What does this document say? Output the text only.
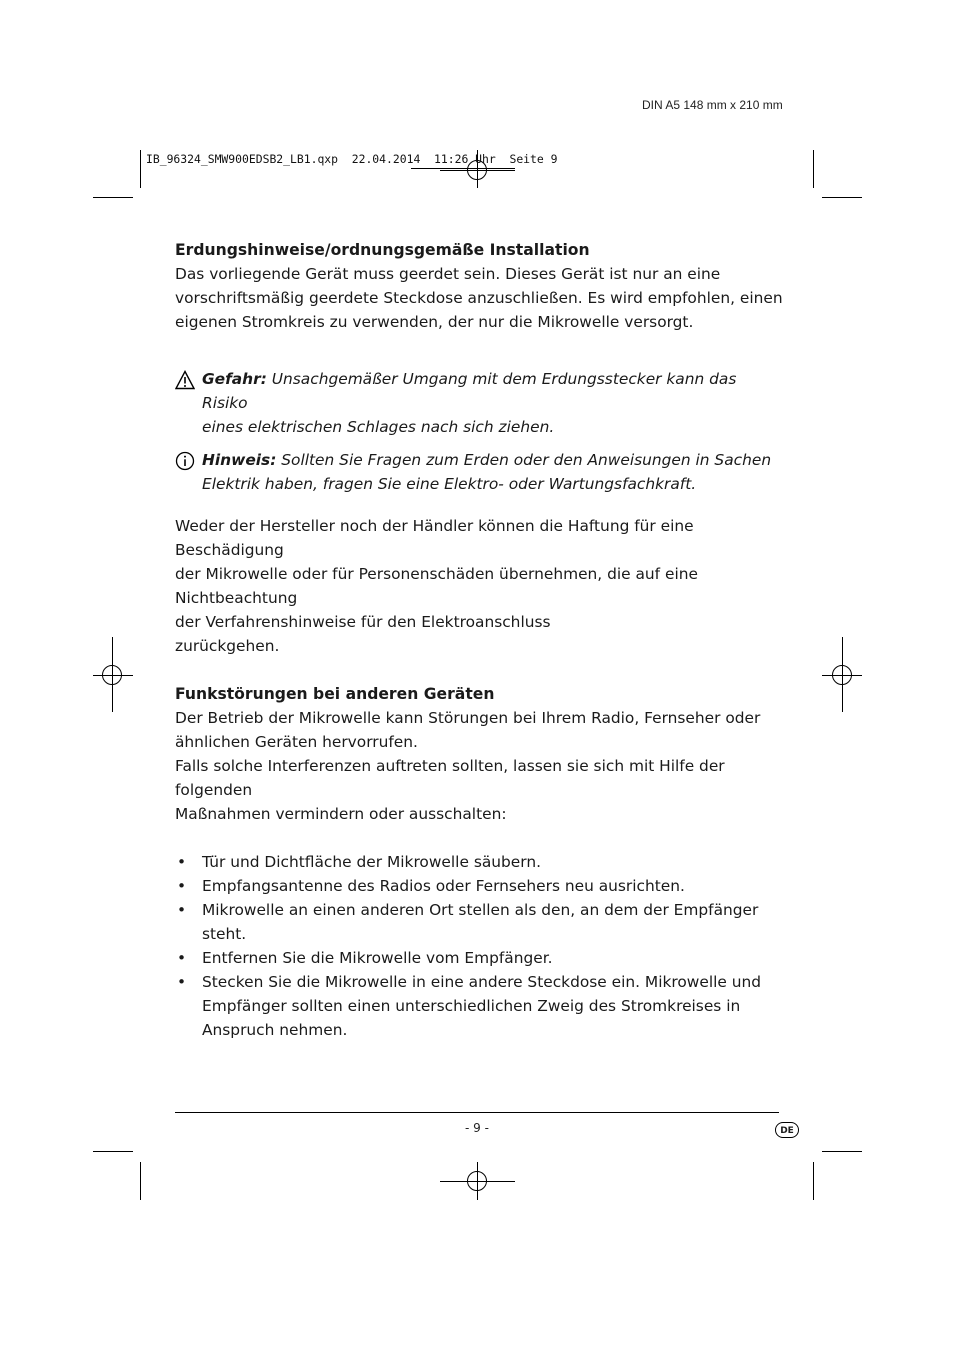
DIN A5 148 mm x 210 mm
IB_96324_SMW900EDSB2_LB1.qxp  22.04.2014  11:26 Uhr  Seite 9

Erdungshinweise/ordnungsgemäße Installation

Das vorliegende Gerät muss geerdet sein. Dieses Gerät ist nur an eine

vorschriftsmäßig geerdete Steckdose anzuschließen. Es wird empfohlen, einen

eigenen Stromkreis zu verwenden, der nur die Mikrowelle versorgt.

Gefahr: Unsachgemäßer Umgang mit dem Erdungsstecker kann das Risiko
eines elektrischen Schlages nach sich ziehen.
Hinweis: Sollten Sie Fragen zum Erden oder den Anweisungen in Sachen
Elektrik haben, fragen Sie eine Elektro- oder Wartungsfachkraft.

Weder der Hersteller noch der Händler können die Haftung für eine Beschädigung

der Mikrowelle oder für Personenschäden übernehmen, die auf eine Nichtbeachtung

der Verfahrenshinweise für den Elektroanschluss

zurückgehen.

Funkstörungen bei anderen Geräten

Der Betrieb der Mikrowelle kann Störungen bei Ihrem Radio, Fernseher oder

ähnlichen Geräten hervorrufen.

Falls solche Interferenzen auftreten sollten, lassen sie sich mit Hilfe der folgenden

Maßnahmen vermindern oder ausschalten:

• Tür und Dichtfläche der Mikrowelle säubern.
• Empfangsantenne des Radios oder Fernsehers neu ausrichten.
• Mikrowelle an einen anderen Ort stellen als den, an dem der Empfänger
steht.
• Entfernen Sie die Mikrowelle vom Empfänger.
• Stecken Sie die Mikrowelle in eine andere Steckdose ein. Mikrowelle und
Empfänger sollten einen unterschiedlichen Zweig des Stromkreises in
Anspruch nehmen.
- 9 -	DE
